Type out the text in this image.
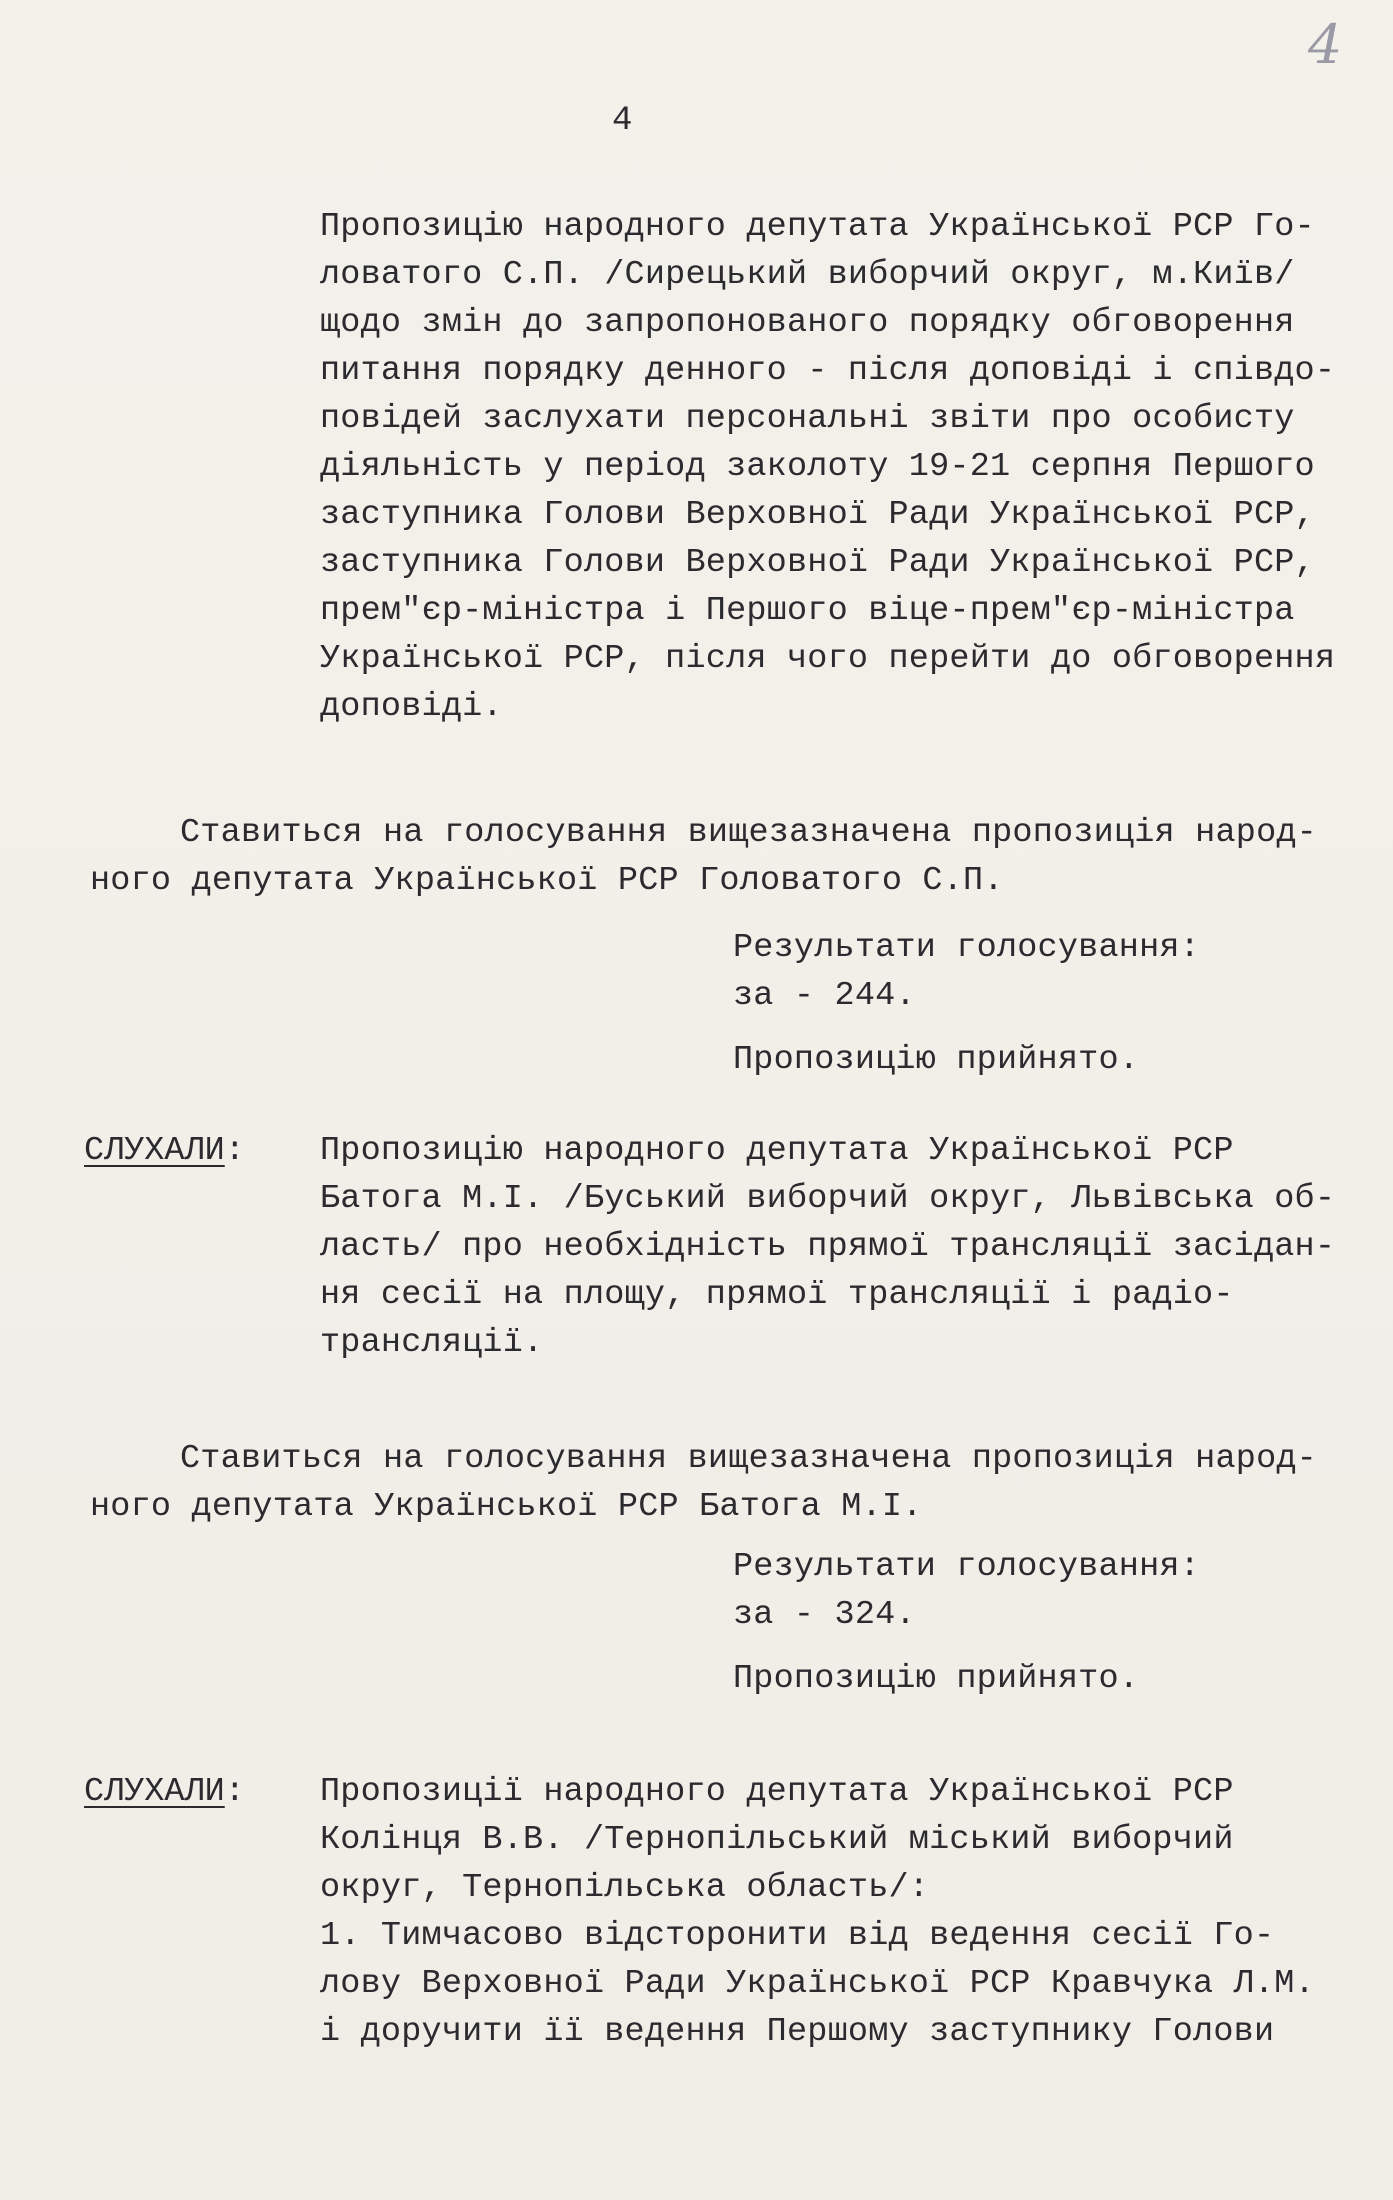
4
4
Пропозицію народного депутата Української РСР Го-
ловатого С.П. /Сирецький виборчий округ, м.Київ/
щодо змін до запропонованого порядку обговорення
питання порядку денного - після доповіді і співдо-
повідей заслухати персональні звіти про особисту
діяльність у період заколоту 19-21 серпня Першого
заступника Голови Верховної Ради Української РСР,
заступника Голови Верховної Ради Української РСР,
прем"єр-міністра і Першого віце-прем"єр-міністра
Української РСР, після чого перейти до обговорення
доповіді.
Ставиться на голосування вищезазначена пропозиція народ-
ного депутата Української РСР Головатого С.П.
Результати голосування:
за - 244.
Пропозицію прийнято.
СЛУХАЛИ: Пропозицію народного депутата Української РСР
Батога М.І. /Буський виборчий округ, Львівська об-
ласть/ про необхідність прямої трансляції засідан-
ня сесії на площу, прямої трансляції і радіо-
трансляції.
Ставиться на голосування вищезазначена пропозиція народ-
ного депутата Української РСР Батога М.І.
Результати голосування:
за - 324.
Пропозицію прийнято.
СЛУХАЛИ: Пропозиції народного депутата Української РСР
Колінця В.В. /Тернопільський міський виборчий
округ, Тернопільська область/:
1. Тимчасово відсторонити від ведення сесії Го-
лову Верховної Ради Української РСР Кравчука Л.М.
і доручити її ведення Першому заступнику Голови
